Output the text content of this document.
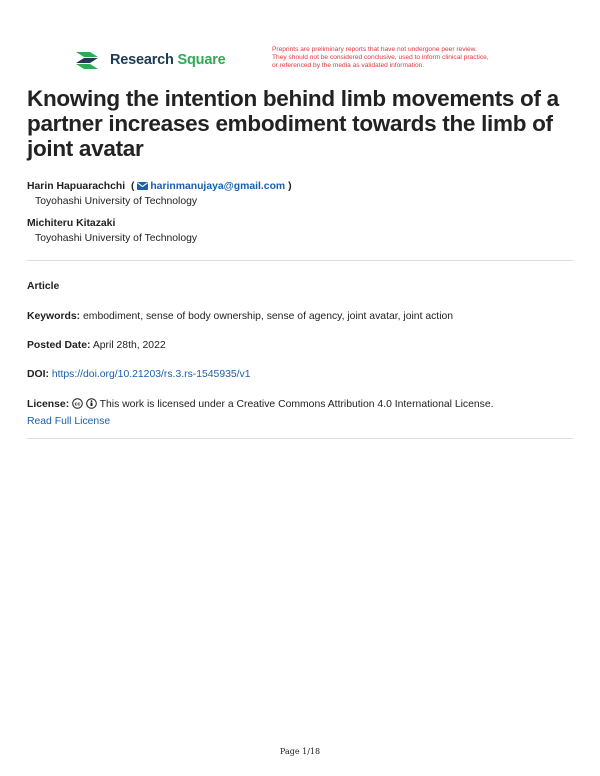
Research Square
Preprints are preliminary reports that have not undergone peer review.
They should not be considered conclusive, used to inform clinical practice,
or referenced by the media as validated information.
Knowing the intention behind limb movements of a partner increases embodiment towards the limb of joint avatar
Harin Hapuarachchi  ( harinmanujaya@gmail.com )
Toyohashi University of Technology
Michiteru Kitazaki
Toyohashi University of Technology
Article
Keywords: embodiment, sense of body ownership, sense of agency, joint avatar, joint action
Posted Date: April 28th, 2022
DOI: https://doi.org/10.21203/rs.3.rs-1545935/v1
License: cc This work is licensed under a Creative Commons Attribution 4.0 International License.
Read Full License
Page 1/18
